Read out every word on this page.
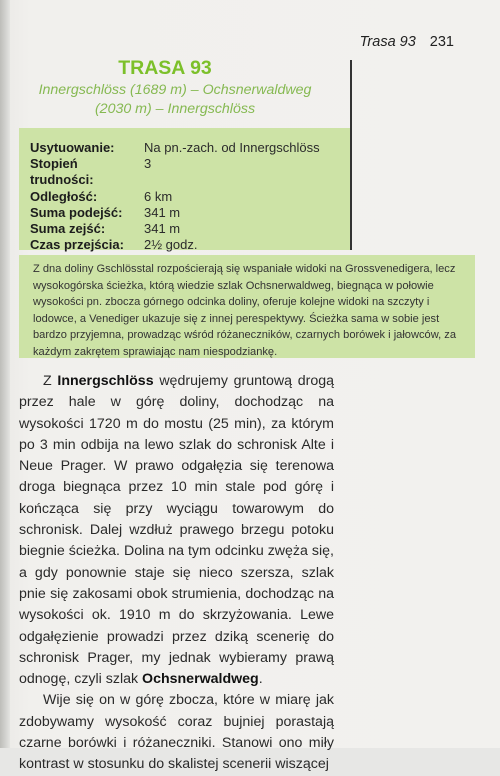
Trasa 93 231
TRASA 93
Innergschlöss (1689 m) – Ochsnerwaldweg
(2030 m) – Innergschlöss
Usytuowanie:	Na pn.-zach. od Innergschlöss
Stopień trudności:
3
Odległość:	6 km
Suma podejść:	341 m
Suma zejść:	341 m
Czas przejścia:	2½ godz.

Z dna doliny Gschlösstal rozpościerają się wspaniałe widoki na Grossvenedigera, lecz wysokogórska ścieżka, którą wiedzie szlak Ochsnerwaldweg, biegnąca w połowie wysokości pn. zbocza górnego odcinka doliny, oferuje kolejne widoki na szczyty i lodowce, a Venediger ukazuje się z innej perespektywy. Ścieżka sama w sobie jest bardzo przyjemna, prowadząc wśród różaneczników, czarnych borówek i jałowców, za każdym zakrętem sprawiając nam niespodziankę.

Z Innergschlöss wędrujemy gruntową drogą przez hale w górę doliny, dochodząc na wysokości 1720 m do mostu (25 min), za którym po 3 min odbija na lewo szlak do schronisk Alte i Neue Prager. W prawo odgałęzia się terenowa droga biegnąca przez 10 min stale pod górę i kończąca się przy wyciągu towarowym do schronisk. Dalej wzdłuż prawego brzegu potoku biegnie ścieżka. Dolina na tym odcinku zwęża się, a gdy ponownie staje się nieco szersza, szlak pnie się zakosami obok strumienia, dochodząc na wysokości ok. 1910 m do skrzyżowania. Lewe odgałęzienie prowadzi przez dziką scenerię do schronisk Prager, my jednak wybieramy prawą odnogę, czyli szlak Ochsnerwaldweg.

Wije się on w górę zbocza, które w miarę jak zdobywamy wysokość coraz bujniej porastają czarne borówki i różaneczniki. Stanowi ono miły kontrast w stosunku do skalistej scenerii wiszącej
